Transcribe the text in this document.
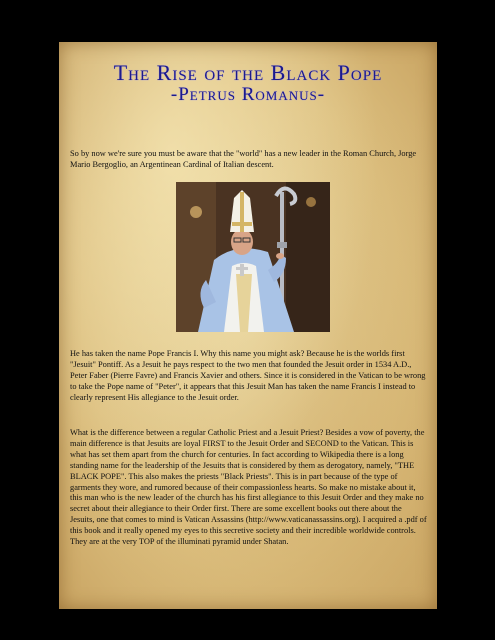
The Rise of the Black Pope
-Petrus Romanus-

So by now we're sure you must be aware that the "world" has a new leader in the Roman Church, Jorge Mario Bergoglio, an Argentinean Cardinal of Italian descent.

He has taken the name Pope Francis I. Why this name you might ask? Because he is the worlds first "Jesuit" Pontiff. As a Jesuit he pays respect to the two men that founded the Jesuit order in 1534 A.D., Peter Faber (Pierre Favre) and Francis Xavier and others. Since it is considered in the Vatican to be wrong to take the Pope name of "Peter", it appears that this Jesuit Man has taken the name Francis I instead to clearly represent His allegiance to the Jesuit order.

What is the difference between a regular Catholic Priest and a Jesuit Priest? Besides a vow of poverty, the main difference is that Jesuits are loyal FIRST to the Jesuit Order and SECOND to the Vatican. This is what has set them apart from the church for centuries. In fact according to Wikipedia there is a long standing name for the leadership of the Jesuits that is considered by them as derogatory, namely, "THE BLACK POPE". This also makes the priests "Black Priests". This is in part because of the type of garments they wore, and rumored because of their compassionless hearts. So make no mistake about it, this man who is the new leader of the church has his first allegiance to this Jesuit Order and they make no secret about their allegiance to their Order first. There are some excellent books out there about the Jesuits, one that comes to mind is Vatican Assassins (http://www.vaticanassassins.org). I acquired a .pdf of this book and it really opened my eyes to this secretive society and their incredible worldwide controls. They are at the very TOP of the illuminati pyramid under Shatan.
